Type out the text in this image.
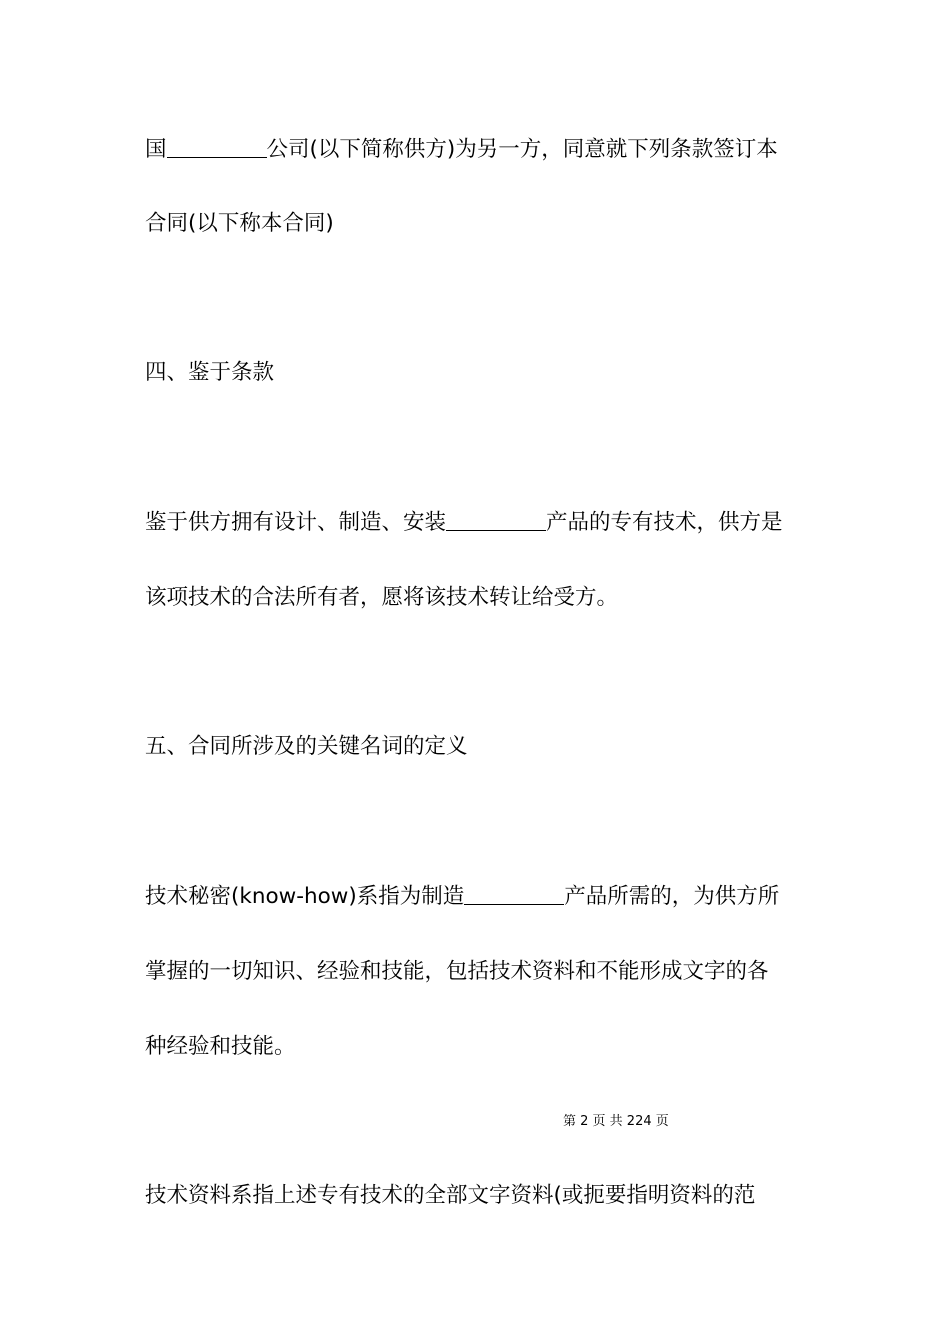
国	公司(以下简称供方)为另一方，同意就下列条款签订本

合同(以下称本合同)

四、鉴于条款

鉴于供方拥有设计、制造、安装	产品的专有技术，供方是

该项技术的合法所有者，愿将该技术转让给受方。

五、合同所涉及的关键名词的定义

技术秘密(know-how)系指为制造	产品所需的，为供方所

掌握的一切知识、经验和技能，包括技术资料和不能形成文字的各

种经验和技能。

第 2 页 共 224 页

技术资料系指上述专有技术的全部文字资料(或扼要指明资料的范
